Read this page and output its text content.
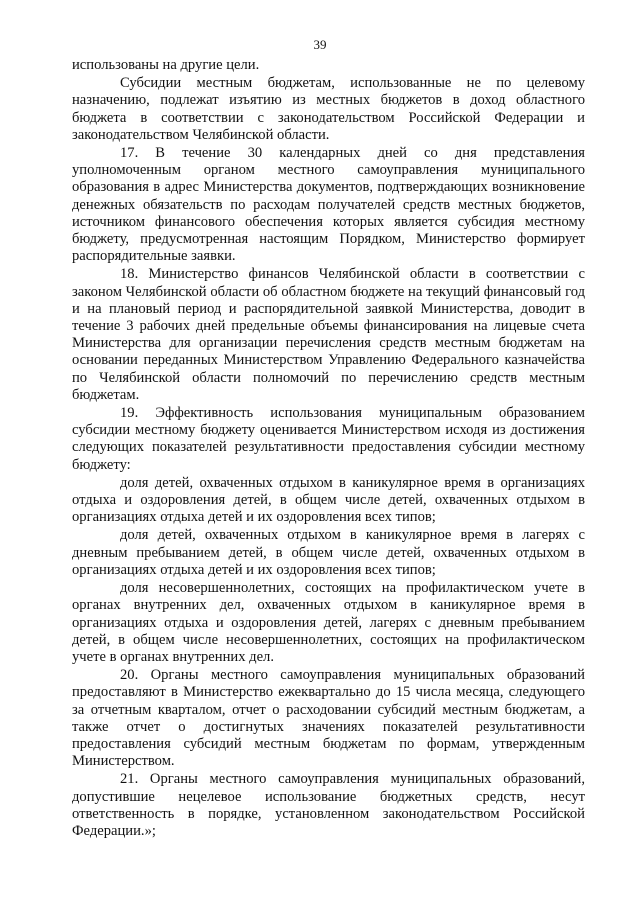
39

использованы на другие цели.

Субсидии местным бюджетам, использованные не по целевому назначению, подлежат изъятию из местных бюджетов в доход областного бюджета в соответствии с законодательством Российской Федерации и законодательством Челябинской области.

17. В течение 30 календарных дней со дня представления уполномоченным органом местного самоуправления муниципального образования в адрес Министерства документов, подтверждающих возникновение денежных обязательств по расходам получателей средств местных бюджетов, источником финансового обеспечения которых является субсидия местному бюджету, предусмотренная настоящим Порядком, Министерство формирует распорядительные заявки.

18. Министерство финансов Челябинской области в соответствии с законом Челябинской области об областном бюджете на текущий финансовый год и на плановый период и распорядительной заявкой Министерства, доводит в течение 3 рабочих дней предельные объемы финансирования на лицевые счета Министерства для организации перечисления средств местным бюджетам на основании переданных Министерством Управлению Федерального казначейства по Челябинской области полномочий по перечислению средств местным бюджетам.

19. Эффективность использования муниципальным образованием субсидии местному бюджету оценивается Министерством исходя из достижения следующих показателей результативности предоставления субсидии местному бюджету:

доля детей, охваченных отдыхом в каникулярное время в организациях отдыха и оздоровления детей, в общем числе детей, охваченных отдыхом в организациях отдыха детей и их оздоровления всех типов;

доля детей, охваченных отдыхом в каникулярное время в лагерях с дневным пребыванием детей, в общем числе детей, охваченных отдыхом в организациях отдыха детей и их оздоровления всех типов;

доля несовершеннолетних, состоящих на профилактическом учете в органах внутренних дел, охваченных отдыхом в каникулярное время в организациях отдыха и оздоровления детей, лагерях с дневным пребыванием детей, в общем числе несовершеннолетних, состоящих на профилактическом учете в органах внутренних дел.

20. Органы местного самоуправления муниципальных образований предоставляют в Министерство ежеквартально до 15 числа месяца, следующего за отчетным кварталом, отчет о расходовании субсидий местным бюджетам, а также отчет о достигнутых значениях показателей результативности предоставления субсидий местным бюджетам по формам, утвержденным Министерством.

21. Органы местного самоуправления муниципальных образований, допустившие нецелевое использование бюджетных средств, несут ответственность в порядке, установленном законодательством Российской Федерации.»;
